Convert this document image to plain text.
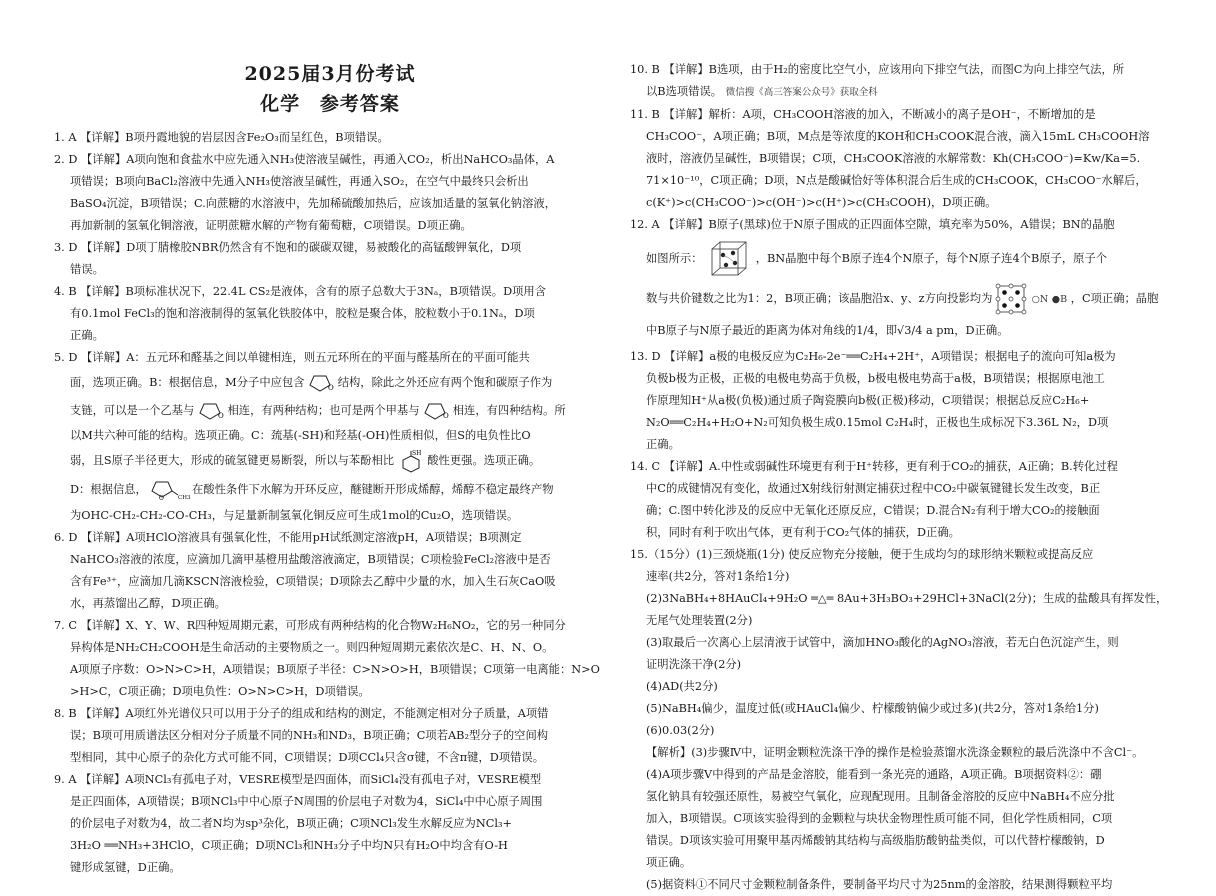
2025届3月份考试
化学 参考答案
1. A 【详解】B项丹霞地貌的岩层因含Fe₂O₃而呈红色，B项错误。
2. D 【详解】A项向饱和食盐水中应先通入NH₃使溶液呈碱性，再通入CO₂，析出NaHCO₃晶体，A
项错误；B项向BaCl₂溶液中先通入NH₃使溶液呈碱性，再通入SO₂，在空气中最终只会析出
BaSO₄沉淀，B项错误；C.向蔗糖的水溶液中，先加稀硫酸加热后，应该加适量的氢氧化钠溶液，
再加新制的氢氧化铜溶液，证明蔗糖水解的产物有葡萄糖，C项错误。D项正确。
3. D 【详解】D项丁腈橡胶NBR仍然含有不饱和的碳碳双键，易被酸化的高锰酸钾氧化，D项
错误。
4. B 【详解】B项标准状况下，22.4L CS₂是液体，含有的原子总数大于3Nₐ，B项错误。D项用含
有0.1mol FeCl₃的饱和溶液制得的氢氧化铁胶体中，胶粒是聚合体，胶粒数小于0.1Nₐ，D项
正确。
5. D 【详解】A：五元环和醛基之间以单键相连，则五元环所在的平面与醛基所在的平面可能共
面，选项正确。B：根据信息，M分子中应包含	O 结构，除此之外还应有两个饱和碳原子作为
支链，可以是一个乙基与	O 相连，有两种结构；也可是两个甲基与	O 相连，有四种结构。所
以M共六种可能的结构。选项正确。C：巯基(-SH)和羟基(-OH)性质相似，但S的电负性比O
弱，且S原子半径更大，形成的硫氢键更易断裂，所以与苯酚相比
SH
酸性更强。选项正确。
D：根据信息，
CH3
O
在酸性条件下水解为开环反应，醚键断开形成烯醇，烯醇不稳定最终产物
为OHC-CH₂-CH₂-CO-CH₃，与足量新制氢氧化铜反应可生成1mol的Cu₂O，选项错误。
6. D 【详解】A项HClO溶液具有强氧化性，不能用pH试纸测定溶液pH，A项错误；B项测定
NaHCO₃溶液的浓度，应滴加几滴甲基橙用盐酸溶液滴定，B项错误；C项检验FeCl₂溶液中是否
含有Fe³⁺，应滴加几滴KSCN溶液检验，C项错误；D项除去乙醇中少量的水，加入生石灰CaO吸
水，再蒸馏出乙醇，D项正确。
7. C 【详解】X、Y、W、R四种短周期元素，可形成有两种结构的化合物W₂H₆NO₂，它的另一种同分
异构体是NH₂CH₂COOH是生命活动的主要物质之一。则四种短周期元素依次是C、H、N、O。
A项原子序数：O>N>C>H，A项错误；B项原子半径：C>N>O>H，B项错误；C项第一电离能：N>O
>H>C，C项正确；D项电负性：O>N>C>H，D项错误。
8. B 【详解】A项红外光谱仪只可以用于分子的组成和结构的测定，不能测定相对分子质量，A项错
误；B项可用质谱法区分相对分子质量不同的NH₃和ND₃，B项正确；C项若AB₂型分子的空间构
型相同，其中心原子的杂化方式可能不同，C项错误；D项CCl₄只含σ键，不含π键，D项错误。
9. A 【详解】A项NCl₃有孤电子对，VESRE模型是四面体，而SiCl₄没有孤电子对，VESRE模型
是正四面体，A项错误；B项NCl₃中中心原子N周围的价层电子对数为4，SiCl₄中中心原子周围
的价层电子对数为4，故二者N均为sp³杂化，B项正确；C项NCl₃发生水解反应为NCl₃+
3H₂O ══NH₃+3HClO，C项正确；D项NCl₃和NH₃分子中均N只有H₂O中均含有O-H
键形成氢键，D正确。
10. B 【详解】B选项，由于H₂的密度比空气小，应该用向下排空气法，而图C为向上排空气法，所
以B选项错误。 微信搜《高三答案公众号》获取全科
11. B 【详解】解析：A项，CH₃COOH溶液的加入，不断减小的离子是OH⁻，不断增加的是
CH₃COO⁻，A项正确；B项，M点是等浓度的KOH和CH₃COOK混合液，滴入15mL CH₃COOH溶
液时，溶液仍呈碱性，B项错误；C项，CH₃COOK溶液的水解常数：Kh(CH₃COO⁻)=Kw/Ka=5.
71×10⁻¹⁰，C项正确；D项，N点是酸碱恰好等体积混合后生成的CH₃COOK，CH₃COO⁻水解后，
c(K⁺)>c(CH₃COO⁻)>c(OH⁻)>c(H⁺)>c(CH₃COOH)，D项正确。
12. A 【详解】B原子(黑球)位于N原子围成的正四面体空隙，填充率为50%，A错误；BN的晶胞
如图所示：	，BN晶胞中每个B原子连4个N原子，每个N原子连4个B原子，原子个
数与共价键数之比为1：2，B项正确；该晶胞沿x、y、z方向投影均为	○N ●B ，C项正确；晶胞
中B原子与N原子最近的距离为体对角线的1/4，即√3/4 a pm，D正确。
13. D 【详解】a极的电极反应为C₂H₆-2e⁻══C₂H₄+2H⁺，A项错误；根据电子的流向可知a极为
负极b极为正极，正极的电极电势高于负极，b极电极电势高于a极，B项错误；根据原电池工
作原理知H⁺从a极(负极)通过质子陶瓷膜向b极(正极)移动，C项错误；根据总反应C₂H₆+
N₂O══C₂H₄+H₂O+N₂可知负极生成0.15mol C₂H₄时，正极也生成标况下3.36L N₂，D项
正确。
14. C 【详解】A.中性或弱碱性环境更有利于H⁺转移，更有利于CO₂的捕获，A正确；B.转化过程
中C的成键情况有变化，故通过X射线衍射测定捕获过程中CO₂中碳氧键键长发生改变，B正
确；C.图中转化涉及的反应中无氧化还原反应，C错误；D.混合N₂有利于增大CO₂的接触面
积，同时有利于吹出气体，更有利于CO₂气体的捕获，D正确。
15.（15分）(1)三颈烧瓶(1分) 使反应物充分接触，便于生成均匀的球形纳米颗粒或提高反应
速率(共2分，答对1条给1分)
(2)3NaBH₄+8HAuCl₄+9H₂O ═△═ 8Au+3H₃BO₃+29HCl+3NaCl(2分)；生成的盐酸具有挥发性，
无尾气处理装置(2分)
(3)取最后一次离心上层清液于试管中，滴加HNO₃酸化的AgNO₃溶液，若无白色沉淀产生，则
证明洗涤干净(2分)
(4)AD(共2分)
(5)NaBH₄偏少，温度过低(或HAuCl₄偏少、柠檬酸钠偏少或过多)(共2分，答对1条给1分)
(6)0.03(2分)
【解析】(3)步骤Ⅳ中，证明金颗粒洗涤干净的操作是检验蒸馏水洗涤金颗粒的最后洗涤中不含Cl⁻。
(4)A项步骤Ⅴ中得到的产品是金溶胶，能看到一条光亮的通路，A项正确。B项据资料②：硼
氢化钠具有较强还原性，易被空气氧化，应现配现用。且制备金溶胶的反应中NaBH₄不应分批
加入，B项错误。C项该实验得到的金颗粒与块状金物理性质可能不同，但化学性质相同，C项
错误。D项该实验可用聚甲基丙烯酸钠其结构与高级脂肪酸钠盐类似，可以代替柠檬酸钠，D
项正确。
(5)据资料①不同尺寸金颗粒制备条件，要制备平均尺寸为25nm的金溶胶，结果测得颗粒平均
